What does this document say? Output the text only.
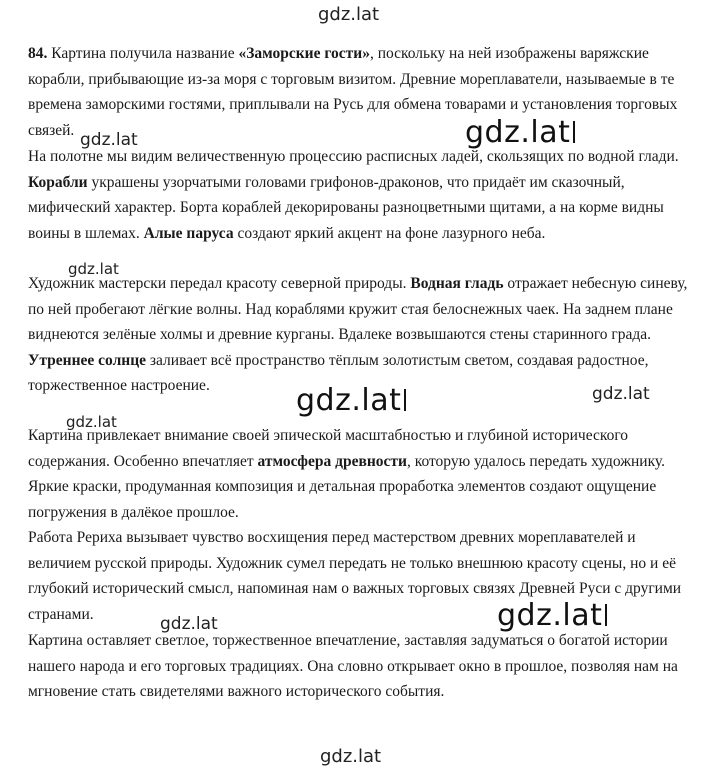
84. Картина получила название «Заморские гости», поскольку на ней изображены варяжские корабли, прибывающие из-за моря с торговым визитом. Древние мореплаватели, называемые в те времена заморскими гостями, приплывали на Русь для обмена товарами и установления торговых связей.

На полотне мы видим величественную процессию расписных ладей, скользящих по водной глади. Корабли украшены узорчатыми головами грифонов-драконов, что придаёт им сказочный, мифический характер. Борта кораблей декорированы разноцветными щитами, а на корме видны воины в шлемах. Алые паруса создают яркий акцент на фоне лазурного неба.

Художник мастерски передал красоту северной природы. Водная гладь отражает небесную синеву, по ней пробегают лёгкие волны. Над кораблями кружит стая белоснежных чаек. На заднем плане виднеются зелёные холмы и древние курганы. Вдалеке возвышаются стены старинного града. Утреннее солнце заливает всё пространство тёплым золотистым светом, создавая радостное, торжественное настроение.

Картина привлекает внимание своей эпической масштабностью и глубиной исторического содержания. Особенно впечатляет атмосфера древности, которую удалось передать художнику. Яркие краски, продуманная композиция и детальная проработка элементов создают ощущение погружения в далёкое прошлое.

Работа Рериха вызывает чувство восхищения перед мастерством древних мореплавателей и величием русской природы. Художник сумел передать не только внешнюю красоту сцены, но и её глубокий исторический смысл, напоминая нам о важных торговых связях Древней Руси с другими странами.

Картина оставляет светлое, торжественное впечатление, заставляя задуматься о богатой истории нашего народа и его торговых традициях. Она словно открывает окно в прошлое, позволяя нам на мгновение стать свидетелями важного исторического события.

gdz.lat
gdz.lat	gdz.lat
gdz.lat
gdz.lat	gdz.lat
gdz.lat
gdz.lat
gdz.lat
gdz.lat
